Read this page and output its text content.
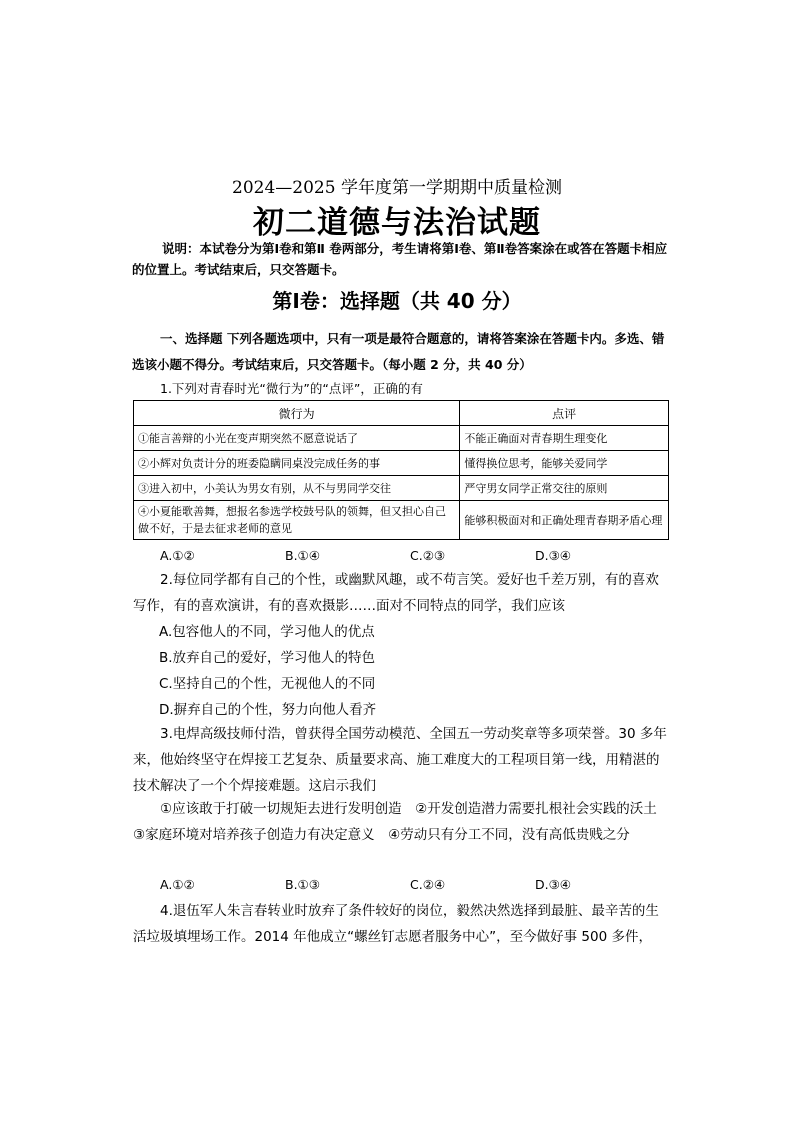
2024—2025 学年度第一学期期中质量检测
初二道德与法治试题
说明：本试卷分为第Ⅰ卷和第Ⅱ 卷两部分，考生请将第Ⅰ卷、第Ⅱ卷答案涂在或答在答题卡相应的位置上。考试结束后，只交答题卡。
第Ⅰ卷：选择题（共 40 分）
一、选择题 下列各题选项中，只有一项是最符合题意的，请将答案涂在答题卡内。多选、错选该小题不得分。考试结束后，只交答题卡。（每小题 2 分，共 40 分）
1.下列对青春时光“微行为”的“点评”，正确的有
微行为	点评
①能言善辩的小光在变声期突然不愿意说话了	不能正确面对青春期生理变化
②小辉对负责计分的班委隐瞒同桌没完成任务的事	懂得换位思考，能够关爱同学
③进入初中，小美认为男女有别，从不与男同学交往	严守男女同学正常交往的原则
④小夏能歌善舞，想报名参选学校鼓号队的领舞，但又担心自己做不好，于是去征求老师的意见	能够积极面对和正确处理青春期矛盾心理
A.①②	B.①④	C.②③	D.③④
2.每位同学都有自己的个性，或幽默风趣，或不苟言笑。爱好也千差万别，有的喜欢写作，有的喜欢演讲，有的喜欢摄影……面对不同特点的同学，我们应该
A.包容他人的不同，学习他人的优点
B.放弃自己的爱好，学习他人的特色
C.坚持自己的个性，无视他人的不同
D.摒弃自己的个性，努力向他人看齐
3.电焊高级技师付浩，曾获得全国劳动模范、全国五一劳动奖章等多项荣誉。30 多年来，他始终坚守在焊接工艺复杂、质量要求高、施工难度大的工程项目第一线，用精湛的技术解决了一个个焊接难题。这启示我们
①应该敢于打破一切规矩去进行发明创造　②开发创造潜力需要扎根社会实践的沃土　③家庭环境对培养孩子创造力有决定意义　④劳动只有分工不同，没有高低贵贱之分
A.①②	B.①③	C.②④	D.③④
4.退伍军人朱言春转业时放弃了条件较好的岗位，毅然决然选择到最脏、最辛苦的生活垃圾填埋场工作。2014 年他成立“螺丝钉志愿者服务中心”，至今做好事 500 多件，
